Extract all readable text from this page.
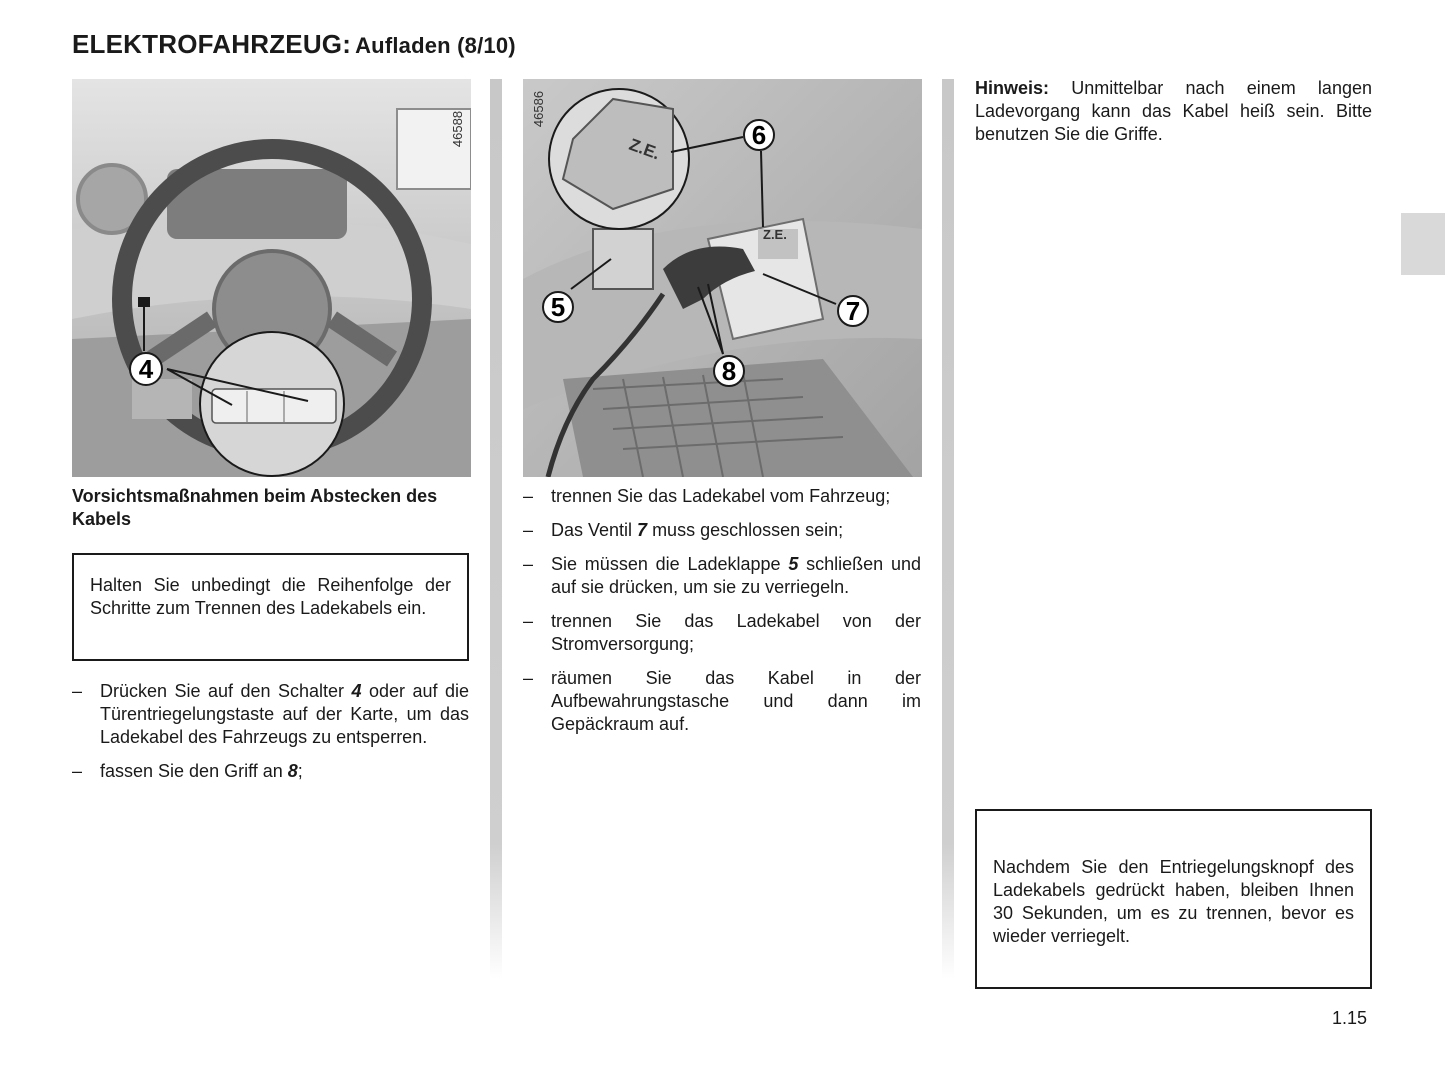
ELEKTROFAHRZEUG: Aufladen (8/10)
4
46588
Z.E.
Z.E.
5
6
7
8
46586

Vorsichtsmaßnahmen beim Abstecken des Kabels

Halten Sie unbedingt die Reihenfolge der Schritte zum Trennen des Ladekabels ein.
– Drücken Sie auf den Schalter 4 oder auf die Türentriegelungstaste auf der Karte, um das Ladekabel des Fahrzeugs zu entsperren.
– fassen Sie den Griff an 8;
– trennen Sie das Ladekabel vom Fahrzeug;
– Das Ventil 7 muss geschlossen sein;
– Sie müssen die Ladeklappe 5 schließen und auf sie drücken, um sie zu verriegeln.
– trennen Sie das Ladekabel von der Stromversorgung;
– räumen Sie das Kabel in der Aufbewahrungstasche und dann im Gepäckraum auf.

Hinweis: Unmittelbar nach einem langen Ladevorgang kann das Kabel heiß sein. Bitte benutzen Sie die Griffe.

Nachdem Sie den Entriegelungsknopf des Ladekabels gedrückt haben, bleiben Ihnen 30 Sekunden, um es zu trennen, bevor es wieder verriegelt.
1.15
